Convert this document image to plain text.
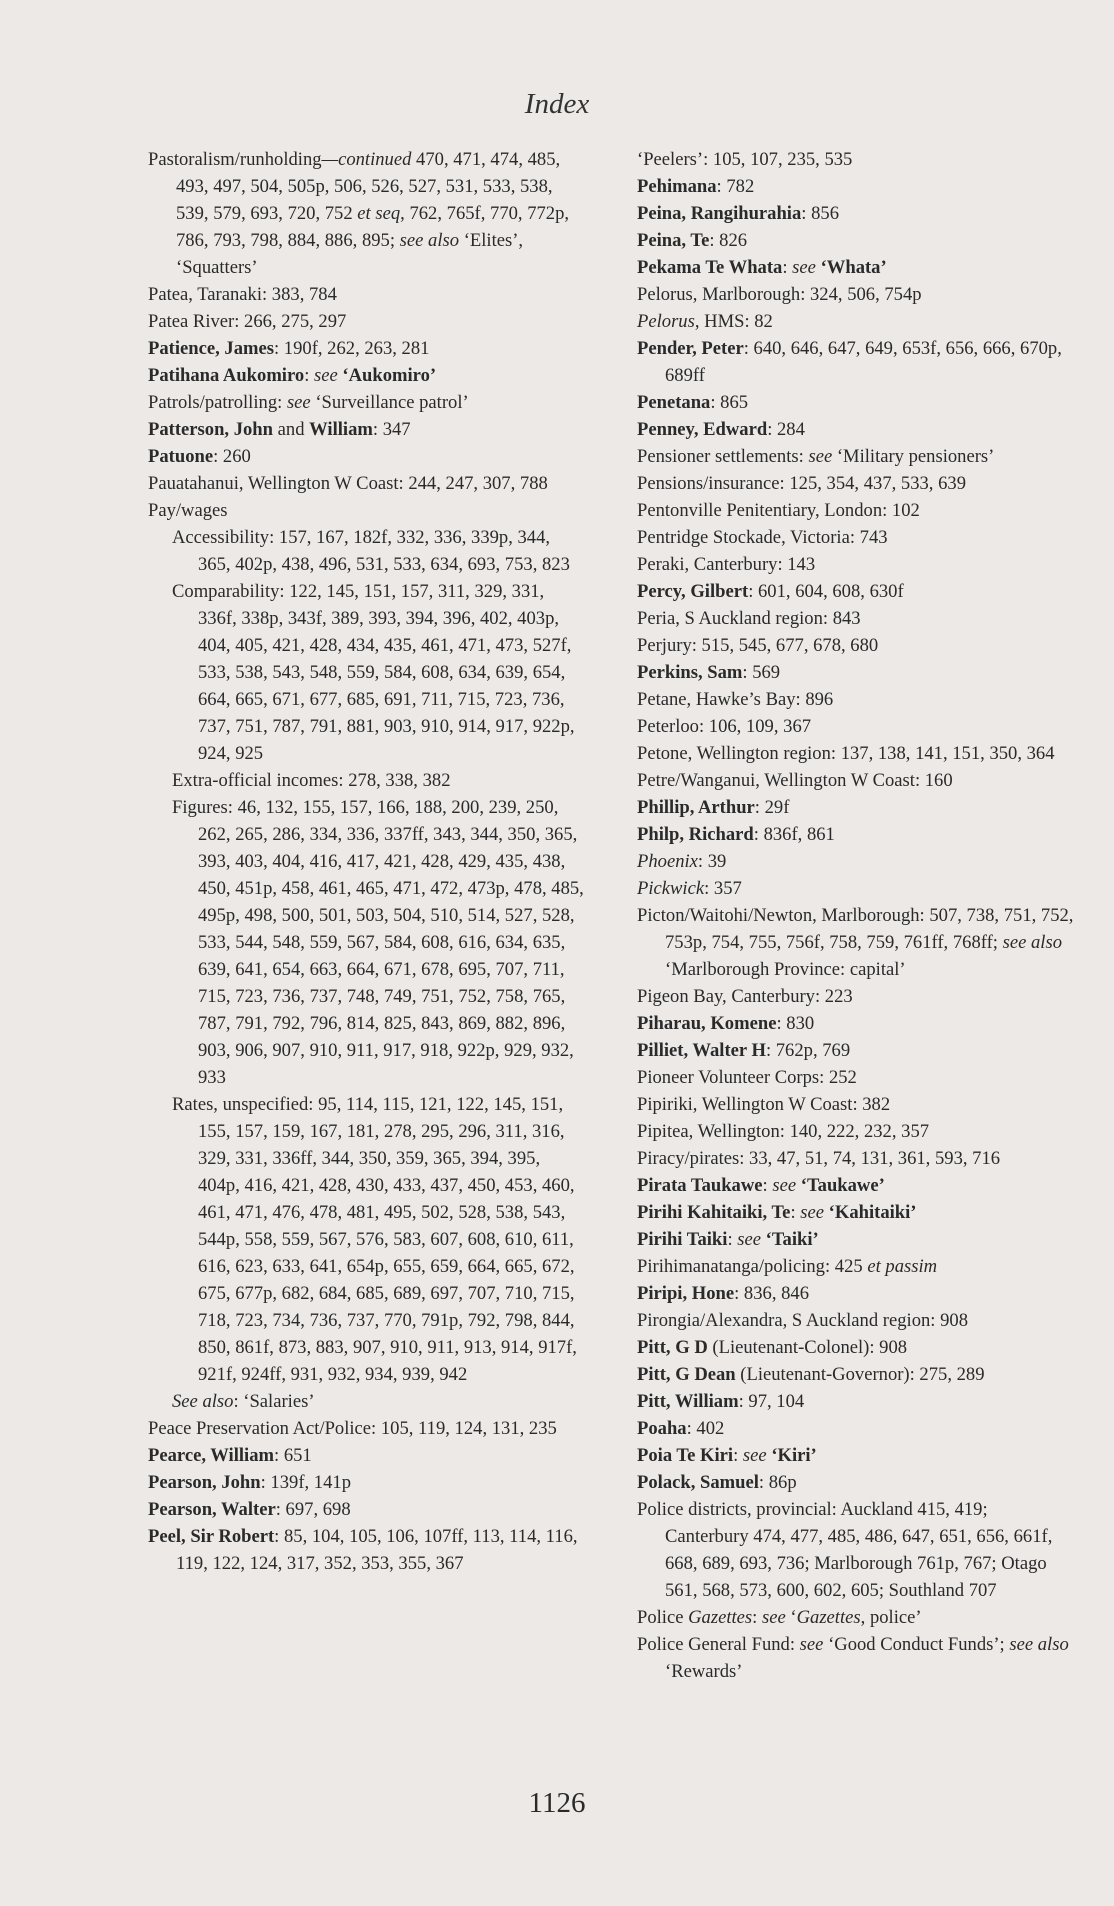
Index

Pastoralism/runholding—continued 470, 471, 474, 485, 493, 497, 504, 505p, 506, 526, 527, 531, 533, 538, 539, 579, 693, 720, 752 et seq, 762, 765f, 770, 772p, 786, 793, 798, 884, 886, 895; see also ‘Elites’, ‘Squatters’

Patea, Taranaki: 383, 784

Patea River: 266, 275, 297

Patience, James: 190f, 262, 263, 281

Patihana Aukomiro: see ‘Aukomiro’

Patrols/patrolling: see ‘Surveillance patrol’

Patterson, John and William: 347

Patuone: 260

Pauatahanui, Wellington W Coast: 244, 247, 307, 788

Pay/wages

Accessibility: 157, 167, 182f, 332, 336, 339p, 344, 365, 402p, 438, 496, 531, 533, 634, 693, 753, 823

Comparability: 122, 145, 151, 157, 311, 329, 331, 336f, 338p, 343f, 389, 393, 394, 396, 402, 403p, 404, 405, 421, 428, 434, 435, 461, 471, 473, 527f, 533, 538, 543, 548, 559, 584, 608, 634, 639, 654, 664, 665, 671, 677, 685, 691, 711, 715, 723, 736, 737, 751, 787, 791, 881, 903, 910, 914, 917, 922p, 924, 925

Extra-official incomes: 278, 338, 382

Figures: 46, 132, 155, 157, 166, 188, 200, 239, 250, 262, 265, 286, 334, 336, 337ff, 343, 344, 350, 365, 393, 403, 404, 416, 417, 421, 428, 429, 435, 438, 450, 451p, 458, 461, 465, 471, 472, 473p, 478, 485, 495p, 498, 500, 501, 503, 504, 510, 514, 527, 528, 533, 544, 548, 559, 567, 584, 608, 616, 634, 635, 639, 641, 654, 663, 664, 671, 678, 695, 707, 711, 715, 723, 736, 737, 748, 749, 751, 752, 758, 765, 787, 791, 792, 796, 814, 825, 843, 869, 882, 896, 903, 906, 907, 910, 911, 917, 918, 922p, 929, 932, 933

Rates, unspecified: 95, 114, 115, 121, 122, 145, 151, 155, 157, 159, 167, 181, 278, 295, 296, 311, 316, 329, 331, 336ff, 344, 350, 359, 365, 394, 395, 404p, 416, 421, 428, 430, 433, 437, 450, 453, 460, 461, 471, 476, 478, 481, 495, 502, 528, 538, 543, 544p, 558, 559, 567, 576, 583, 607, 608, 610, 611, 616, 623, 633, 641, 654p, 655, 659, 664, 665, 672, 675, 677p, 682, 684, 685, 689, 697, 707, 710, 715, 718, 723, 734, 736, 737, 770, 791p, 792, 798, 844, 850, 861f, 873, 883, 907, 910, 911, 913, 914, 917f, 921f, 924ff, 931, 932, 934, 939, 942

See also: ‘Salaries’

Peace Preservation Act/Police: 105, 119, 124, 131, 235

Pearce, William: 651

Pearson, John: 139f, 141p

Pearson, Walter: 697, 698

Peel, Sir Robert: 85, 104, 105, 106, 107ff, 113, 114, 116, 119, 122, 124, 317, 352, 353, 355, 367

‘Peelers’: 105, 107, 235, 535

Pehimana: 782

Peina, Rangihurahia: 856

Peina, Te: 826

Pekama Te Whata: see ‘Whata’

Pelorus, Marlborough: 324, 506, 754p

Pelorus, HMS: 82

Pender, Peter: 640, 646, 647, 649, 653f, 656, 666, 670p, 689ff

Penetana: 865

Penney, Edward: 284

Pensioner settlements: see ‘Military pensioners’

Pensions/insurance: 125, 354, 437, 533, 639

Pentonville Penitentiary, London: 102

Pentridge Stockade, Victoria: 743

Peraki, Canterbury: 143

Percy, Gilbert: 601, 604, 608, 630f

Peria, S Auckland region: 843

Perjury: 515, 545, 677, 678, 680

Perkins, Sam: 569

Petane, Hawke’s Bay: 896

Peterloo: 106, 109, 367

Petone, Wellington region: 137, 138, 141, 151, 350, 364

Petre/Wanganui, Wellington W Coast: 160

Phillip, Arthur: 29f

Philp, Richard: 836f, 861

Phoenix: 39

Pickwick: 357

Picton/Waitohi/Newton, Marlborough: 507, 738, 751, 752, 753p, 754, 755, 756f, 758, 759, 761ff, 768ff; see also ‘Marlborough Province: capital’

Pigeon Bay, Canterbury: 223

Piharau, Komene: 830

Pilliet, Walter H: 762p, 769

Pioneer Volunteer Corps: 252

Pipiriki, Wellington W Coast: 382

Pipitea, Wellington: 140, 222, 232, 357

Piracy/pirates: 33, 47, 51, 74, 131, 361, 593, 716

Pirata Taukawe: see ‘Taukawe’

Pirihi Kahitaiki, Te: see ‘Kahitaiki’

Pirihi Taiki: see ‘Taiki’

Pirihimanatanga/policing: 425 et passim

Piripi, Hone: 836, 846

Pirongia/Alexandra, S Auckland region: 908

Pitt, G D (Lieutenant-Colonel): 908

Pitt, G Dean (Lieutenant-Governor): 275, 289

Pitt, William: 97, 104

Poaha: 402

Poia Te Kiri: see ‘Kiri’

Polack, Samuel: 86p

Police districts, provincial: Auckland 415, 419; Canterbury 474, 477, 485, 486, 647, 651, 656, 661f, 668, 689, 693, 736; Marlborough 761p, 767; Otago 561, 568, 573, 600, 602, 605; Southland 707

Police Gazettes: see ‘Gazettes, police’

Police General Fund: see ‘Good Conduct Funds’; see also ‘Rewards’

1126
